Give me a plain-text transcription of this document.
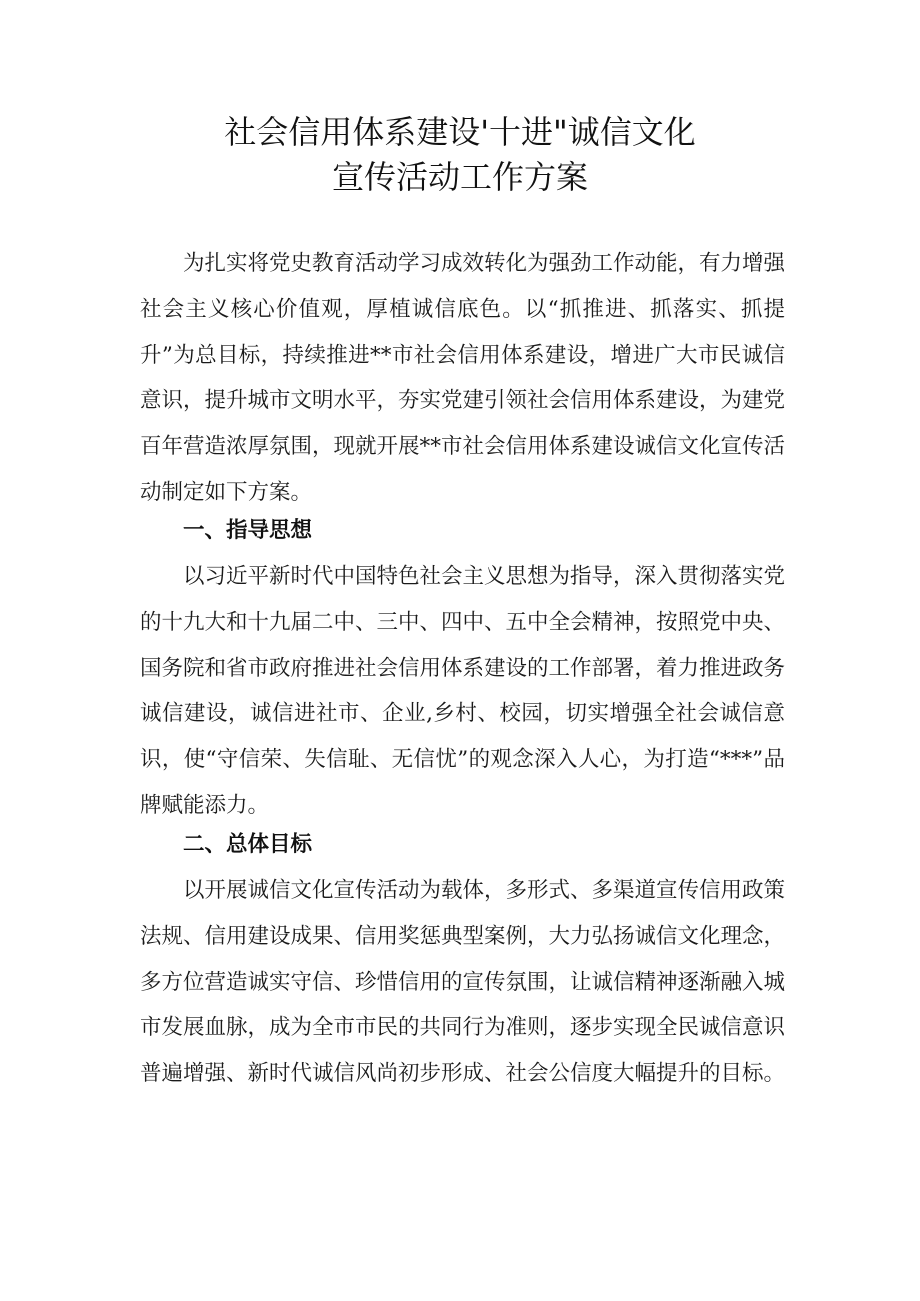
社会信用体系建设'十进"诚信文化
宣传活动工作方案

为扎实将党史教育活动学习成效转化为强劲工作动能，有力增强社会主义核心价值观，厚植诚信底色。以“抓推进、抓落实、抓提升”为总目标，持续推进**市社会信用体系建设，增进广大市民诚信意识，提升城市文明水平，夯实党建引领社会信用体系建设，为建党百年营造浓厚氛围，现就开展**市社会信用体系建设诚信文化宣传活动制定如下方案。

一、指导思想

以习近平新时代中国特色社会主义思想为指导，深入贯彻落实党的十九大和十九届二中、三中、四中、五中全会精神，按照党中央、国务院和省市政府推进社会信用体系建设的工作部署，着力推进政务诚信建设，诚信进社市、企业,乡村、校园，切实增强全社会诚信意识，使“守信荣、失信耻、无信忧”的观念深入人心，为打造“***”品牌赋能添力。

二、总体目标

以开展诚信文化宣传活动为载体，多形式、多渠道宣传信用政策法规、信用建设成果、信用奖惩典型案例，大力弘扬诚信文化理念，多方位营造诚实守信、珍惜信用的宣传氛围，让诚信精神逐渐融入城市发展血脉，成为全市市民的共同行为准则，逐步实现全民诚信意识普遍增强、新时代诚信风尚初步形成、社会公信度大幅提升的目标。
